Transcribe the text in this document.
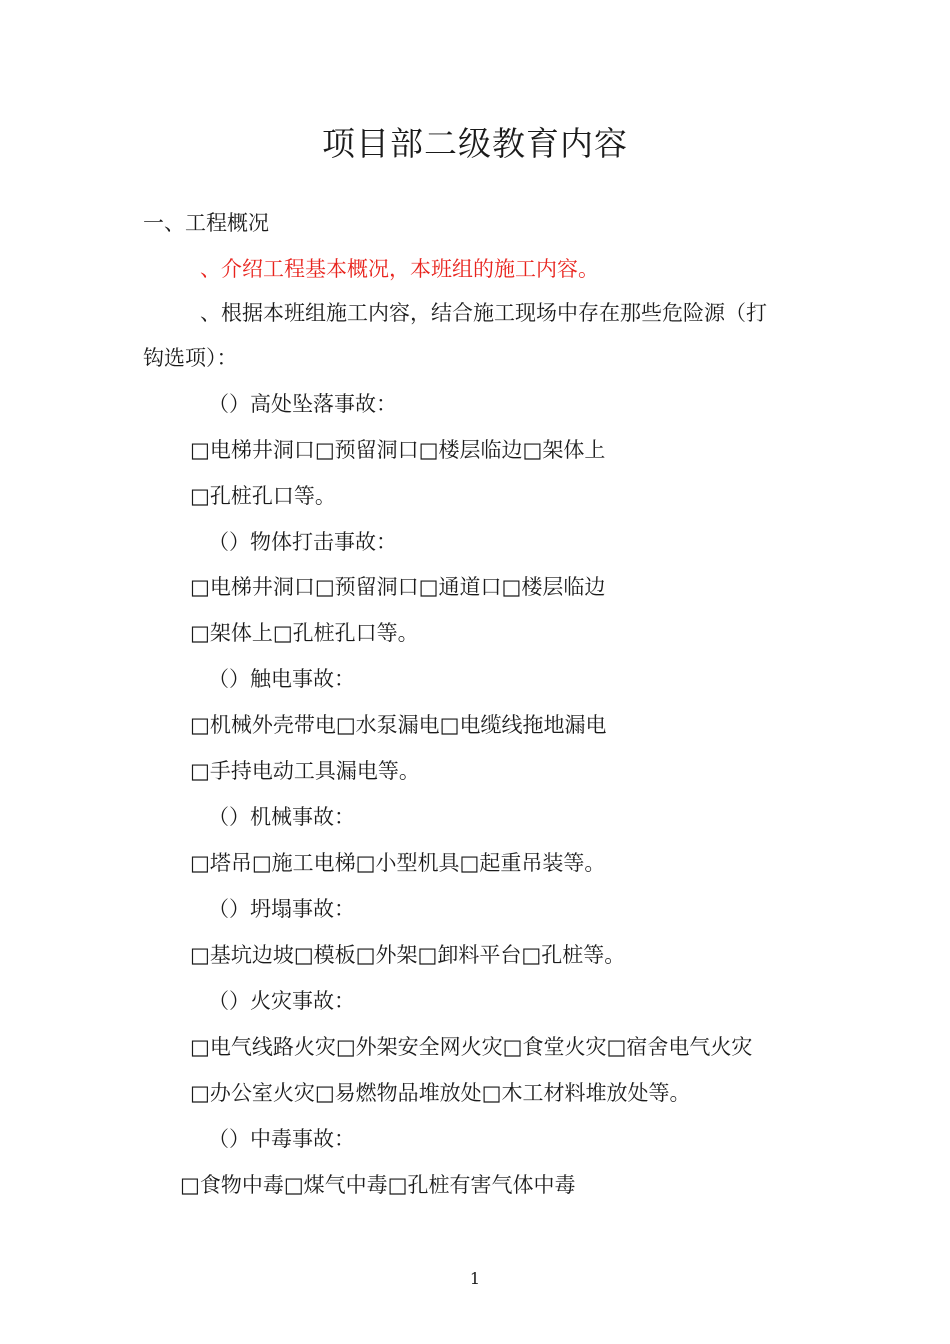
项目部二级教育内容
一、工程概况
、介绍工程基本概况，本班组的施工内容。
、根据本班组施工内容，结合施工现场中存在那些危险源（打
钩选项）：
（）高处坠落事故：
□电梯井洞口□预留洞口□楼层临边□架体上
□孔桩孔口等。
（）物体打击事故：
□电梯井洞口□预留洞口□通道口□楼层临边
□架体上□孔桩孔口等。
（）触电事故：
□机械外壳带电□水泵漏电□电缆线拖地漏电
□手持电动工具漏电等。
（）机械事故：
□塔吊□施工电梯□小型机具□起重吊装等。
（）坍塌事故：
□基坑边坡□模板□外架□卸料平台□孔桩等。
（）火灾事故：
□电气线路火灾□外架安全网火灾□食堂火灾□宿舍电气火灾
□办公室火灾□易燃物品堆放处□木工材料堆放处等。
（）中毒事故：
□食物中毒□煤气中毒□孔桩有害气体中毒
1
